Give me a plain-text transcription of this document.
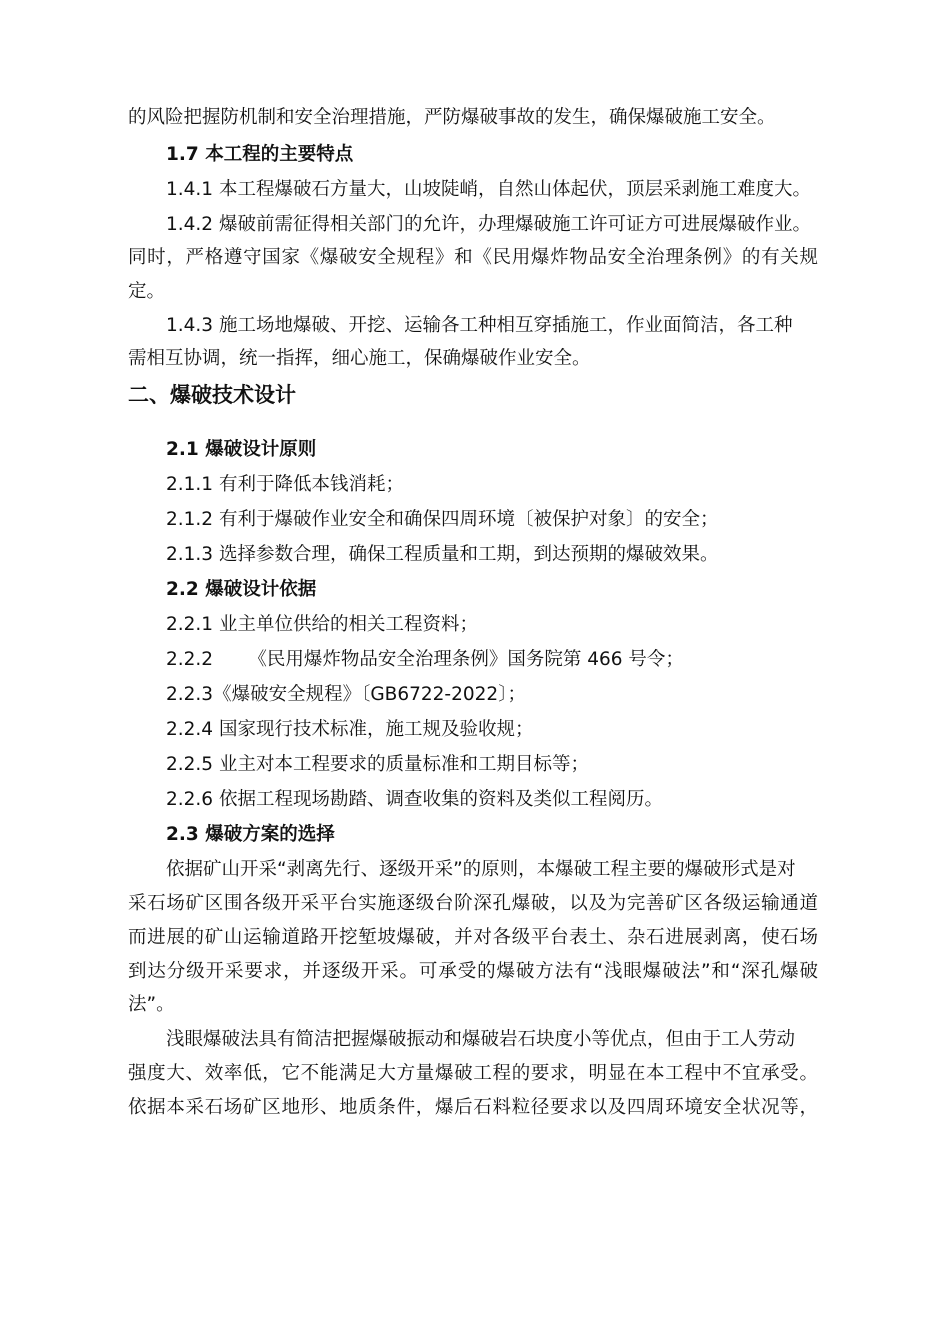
的风险把握防机制和安全治理措施，严防爆破事故的发生，确保爆破施工安全。
1.7 本工程的主要特点
1.4.1 本工程爆破石方量大，山坡陡峭，自然山体起伏，顶层采剥施工难度大。
1.4.2 爆破前需征得相关部门的允许，办理爆破施工许可证方可进展爆破作业。
同时，严格遵守国家《爆破安全规程》和《民用爆炸物品安全治理条例》的有关规
定。
1.4.3 施工场地爆破、开挖、运输各工种相互穿插施工，作业面简洁，各工种
需相互协调，统一指挥，细心施工，保确爆破作业安全。
二、爆破技术设计
2.1 爆破设计原则
2.1.1 有利于降低本钱消耗；
2.1.2 有利于爆破作业安全和确保四周环境〔被保护对象〕的安全；
2.1.3 选择参数合理，确保工程质量和工期，到达预期的爆破效果。
2.2 爆破设计依据
2.2.1 业主单位供给的相关工程资料；
2.2.2      《民用爆炸物品安全治理条例》国务院第 466 号令；
2.2.3《爆破安全规程》〔GB6722-2022〕；
2.2.4 国家现行技术标准，施工规及验收规；
2.2.5 业主对本工程要求的质量标准和工期目标等；
2.2.6 依据工程现场勘踏、调查收集的资料及类似工程阅历。
2.3 爆破方案的选择
依据矿山开采“剥离先行、逐级开采”的原则，本爆破工程主要的爆破形式是对
采石场矿区围各级开采平台实施逐级台阶深孔爆破，以及为完善矿区各级运输通道
而进展的矿山运输道路开挖堑坡爆破，并对各级平台表土、杂石进展剥离，使石场
到达分级开采要求，并逐级开采。可承受的爆破方法有“浅眼爆破法”和“深孔爆破
法”。
浅眼爆破法具有简洁把握爆破振动和爆破岩石块度小等优点，但由于工人劳动
强度大、效率低，它不能满足大方量爆破工程的要求，明显在本工程中不宜承受。
依据本采石场矿区地形、地质条件，爆后石料粒径要求以及四周环境安全状况等，
